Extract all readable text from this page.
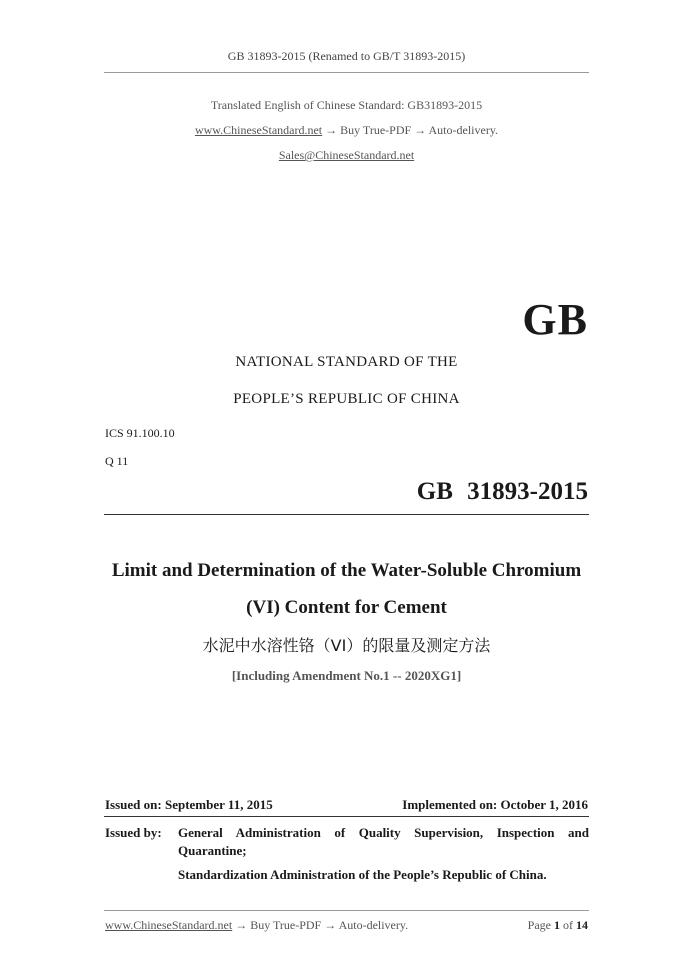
GB 31893-2015 (Renamed to GB/T 31893-2015)
Translated English of Chinese Standard: GB31893-2015
www.ChineseStandard.net → Buy True-PDF → Auto-delivery.
Sales@ChineseStandard.net
GB
NATIONAL STANDARD OF THE
PEOPLE’S REPUBLIC OF CHINA
ICS 91.100.10
Q 11
GB 31893-2015
Limit and Determination of the Water-Soluble Chromium
(VI) Content for Cement
水泥中水溶性铬（VI）的限量及测定方法
[Including Amendment No.1 -- 2020XG1]
Issued on: September 11, 2015	Implemented on: October 1, 2016
Issued by: General Administration of Quality Supervision, Inspection and
Quarantine;
Standardization Administration of the People’s Republic of China.
www.ChineseStandard.net → Buy True-PDF → Auto-delivery.	Page 1 of 14
